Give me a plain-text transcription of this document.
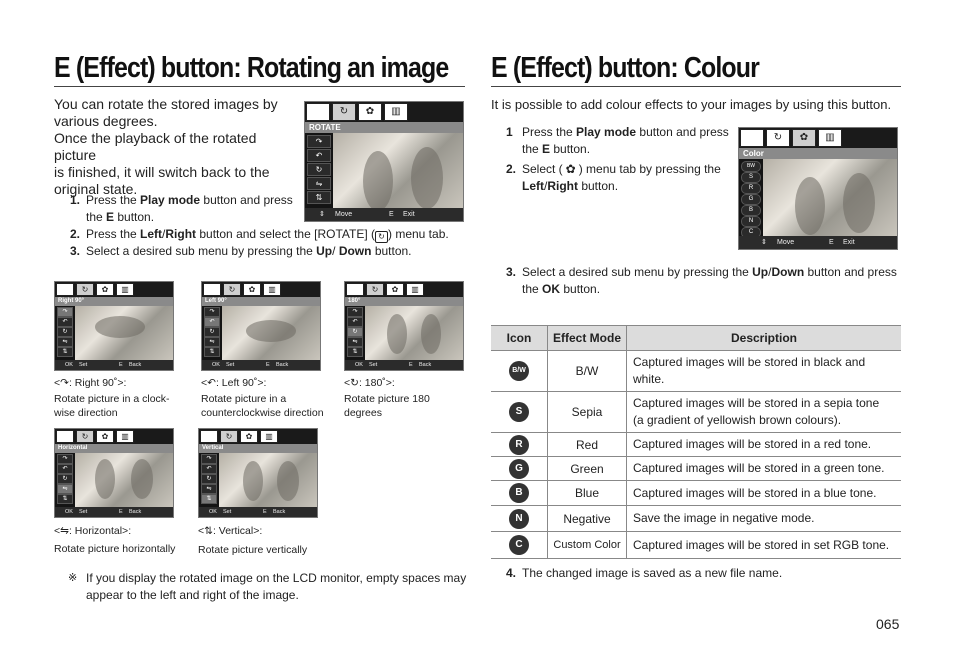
E (Effect) button: Rotating an image
You can rotate the stored images by
various degrees.
Once the playback of the rotated picture
is finished, it will switch back to the
original state.
1. Press the Play mode button and press
the E button.
2. Press the Left/Right button and select the [ROTATE] ( ↻ ) menu tab.
3. Select a desired sub menu by pressing the Up/ Down button.
↻	✿	▥
ROTATE
↷
↶
↻
⇋
⇅
⇕ Move	E Exit
↻	✿	▥
Right 90°
↷
↶
↻
⇋
⇅
OK Set	E Back
↻	✿	▥
Left 90°
↷
↶
↻
⇋
⇅
OK Set	E Back
↻	✿	▥
180°
↷
↶
↻
⇋
⇅
OK Set	E Back
<↷: Right 90˚>:
Rotate picture in a clock-
wise direction
<↶: Left 90˚>:
Rotate picture in a
counterclockwise direction
<↻: 180˚>:
Rotate picture 180
degrees
↻	✿	▥
Horizontal
↷
↶
↻
⇋
⇅
OK Set	E Back
↻	✿	▥
Vertical
↷
↶
↻
⇋
⇅
OK Set	E Back
<⇋: Horizontal>:
Rotate picture horizontally
<⇅: Vertical>:
Rotate picture vertically
※ If you display the rotated image on the LCD monitor, empty spaces may
appear to the left and right of the image.
E (Effect) button: Colour
It is possible to add colour effects to your images by using this button.
1 Press the Play mode button and press
the E button.
2. Select ( ✿ ) menu tab by pressing the
Left/Right button.
↻	✿	▥
Color
BW
S
R
G
B
N
C
⇕ Move	E Exit
3. Select a desired sub menu by pressing the Up/Down button and press
the OK button.
Icon	Effect Mode	Description
B/W	B/W	Captured images will be stored in black and
white.

S	Sepia	Captured images will be stored in a sepia tone
(a gradient of yellowish brown colours).

R	Red	Captured images will be stored in a red tone.
G	Green	Captured images will be stored in a green tone.
B	Blue	Captured images will be stored in a blue tone.
N	Negative	Save the image in negative mode.
C	Custom Color	Captured images will be stored in set RGB tone.
4. The changed image is saved as a new file name.
065
